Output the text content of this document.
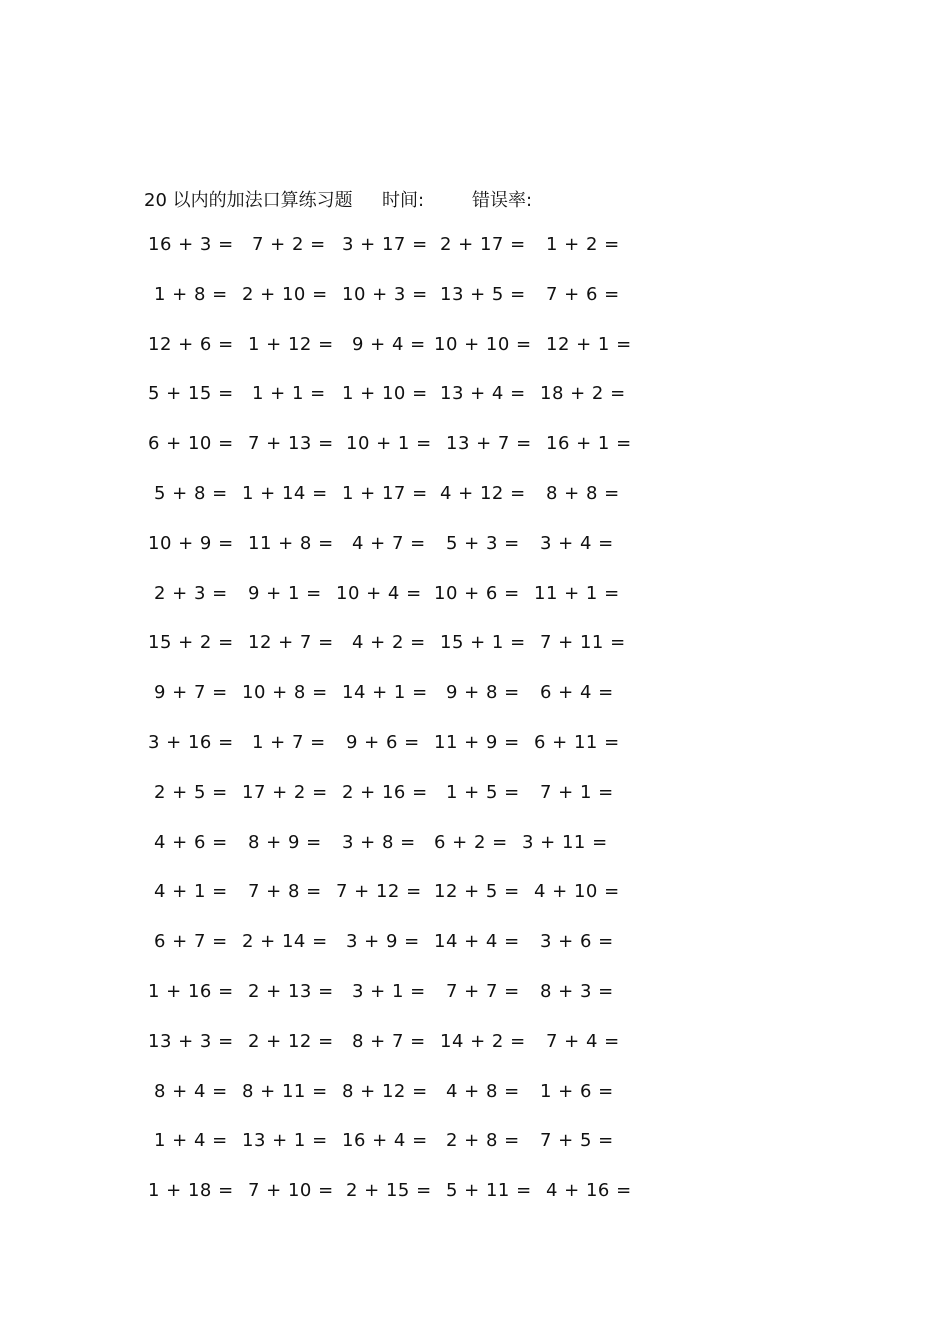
20 以内的加法口算练习题 时间:	错误率:
16 + 3 = 7 + 2 = 3 + 17 = 2 + 17 = 1 + 2 =
1 + 8 = 2 + 10 = 10 + 3 = 13 + 5 = 7 + 6 =
12 + 6 = 1 + 12 = 9 + 4 = 10 + 10 = 12 + 1 =
5 + 15 = 1 + 1 = 1 + 10 = 13 + 4 = 18 + 2 =
6 + 10 = 7 + 13 = 10 + 1 = 13 + 7 = 16 + 1 =
5 + 8 = 1 + 14 = 1 + 17 = 4 + 12 = 8 + 8 =
10 + 9 = 11 + 8 = 4 + 7 = 5 + 3 = 3 + 4 =
2 + 3 = 9 + 1 = 10 + 4 = 10 + 6 = 11 + 1 =
15 + 2 = 12 + 7 = 4 + 2 = 15 + 1 = 7 + 11 =
9 + 7 = 10 + 8 = 14 + 1 = 9 + 8 = 6 + 4 =
3 + 16 = 1 + 7 = 9 + 6 = 11 + 9 = 6 + 11 =
2 + 5 = 17 + 2 = 2 + 16 = 1 + 5 = 7 + 1 =
4 + 6 = 8 + 9 = 3 + 8 = 6 + 2 = 3 + 11 =
4 + 1 = 7 + 8 = 7 + 12 = 12 + 5 = 4 + 10 =
6 + 7 = 2 + 14 = 3 + 9 = 14 + 4 = 3 + 6 =
1 + 16 = 2 + 13 = 3 + 1 = 7 + 7 = 8 + 3 =
13 + 3 = 2 + 12 = 8 + 7 = 14 + 2 = 7 + 4 =
8 + 4 = 8 + 11 = 8 + 12 = 4 + 8 = 1 + 6 =
1 + 4 = 13 + 1 = 16 + 4 = 2 + 8 = 7 + 5 =
1 + 18 = 7 + 10 = 2 + 15 = 5 + 11 = 4 + 16 =
